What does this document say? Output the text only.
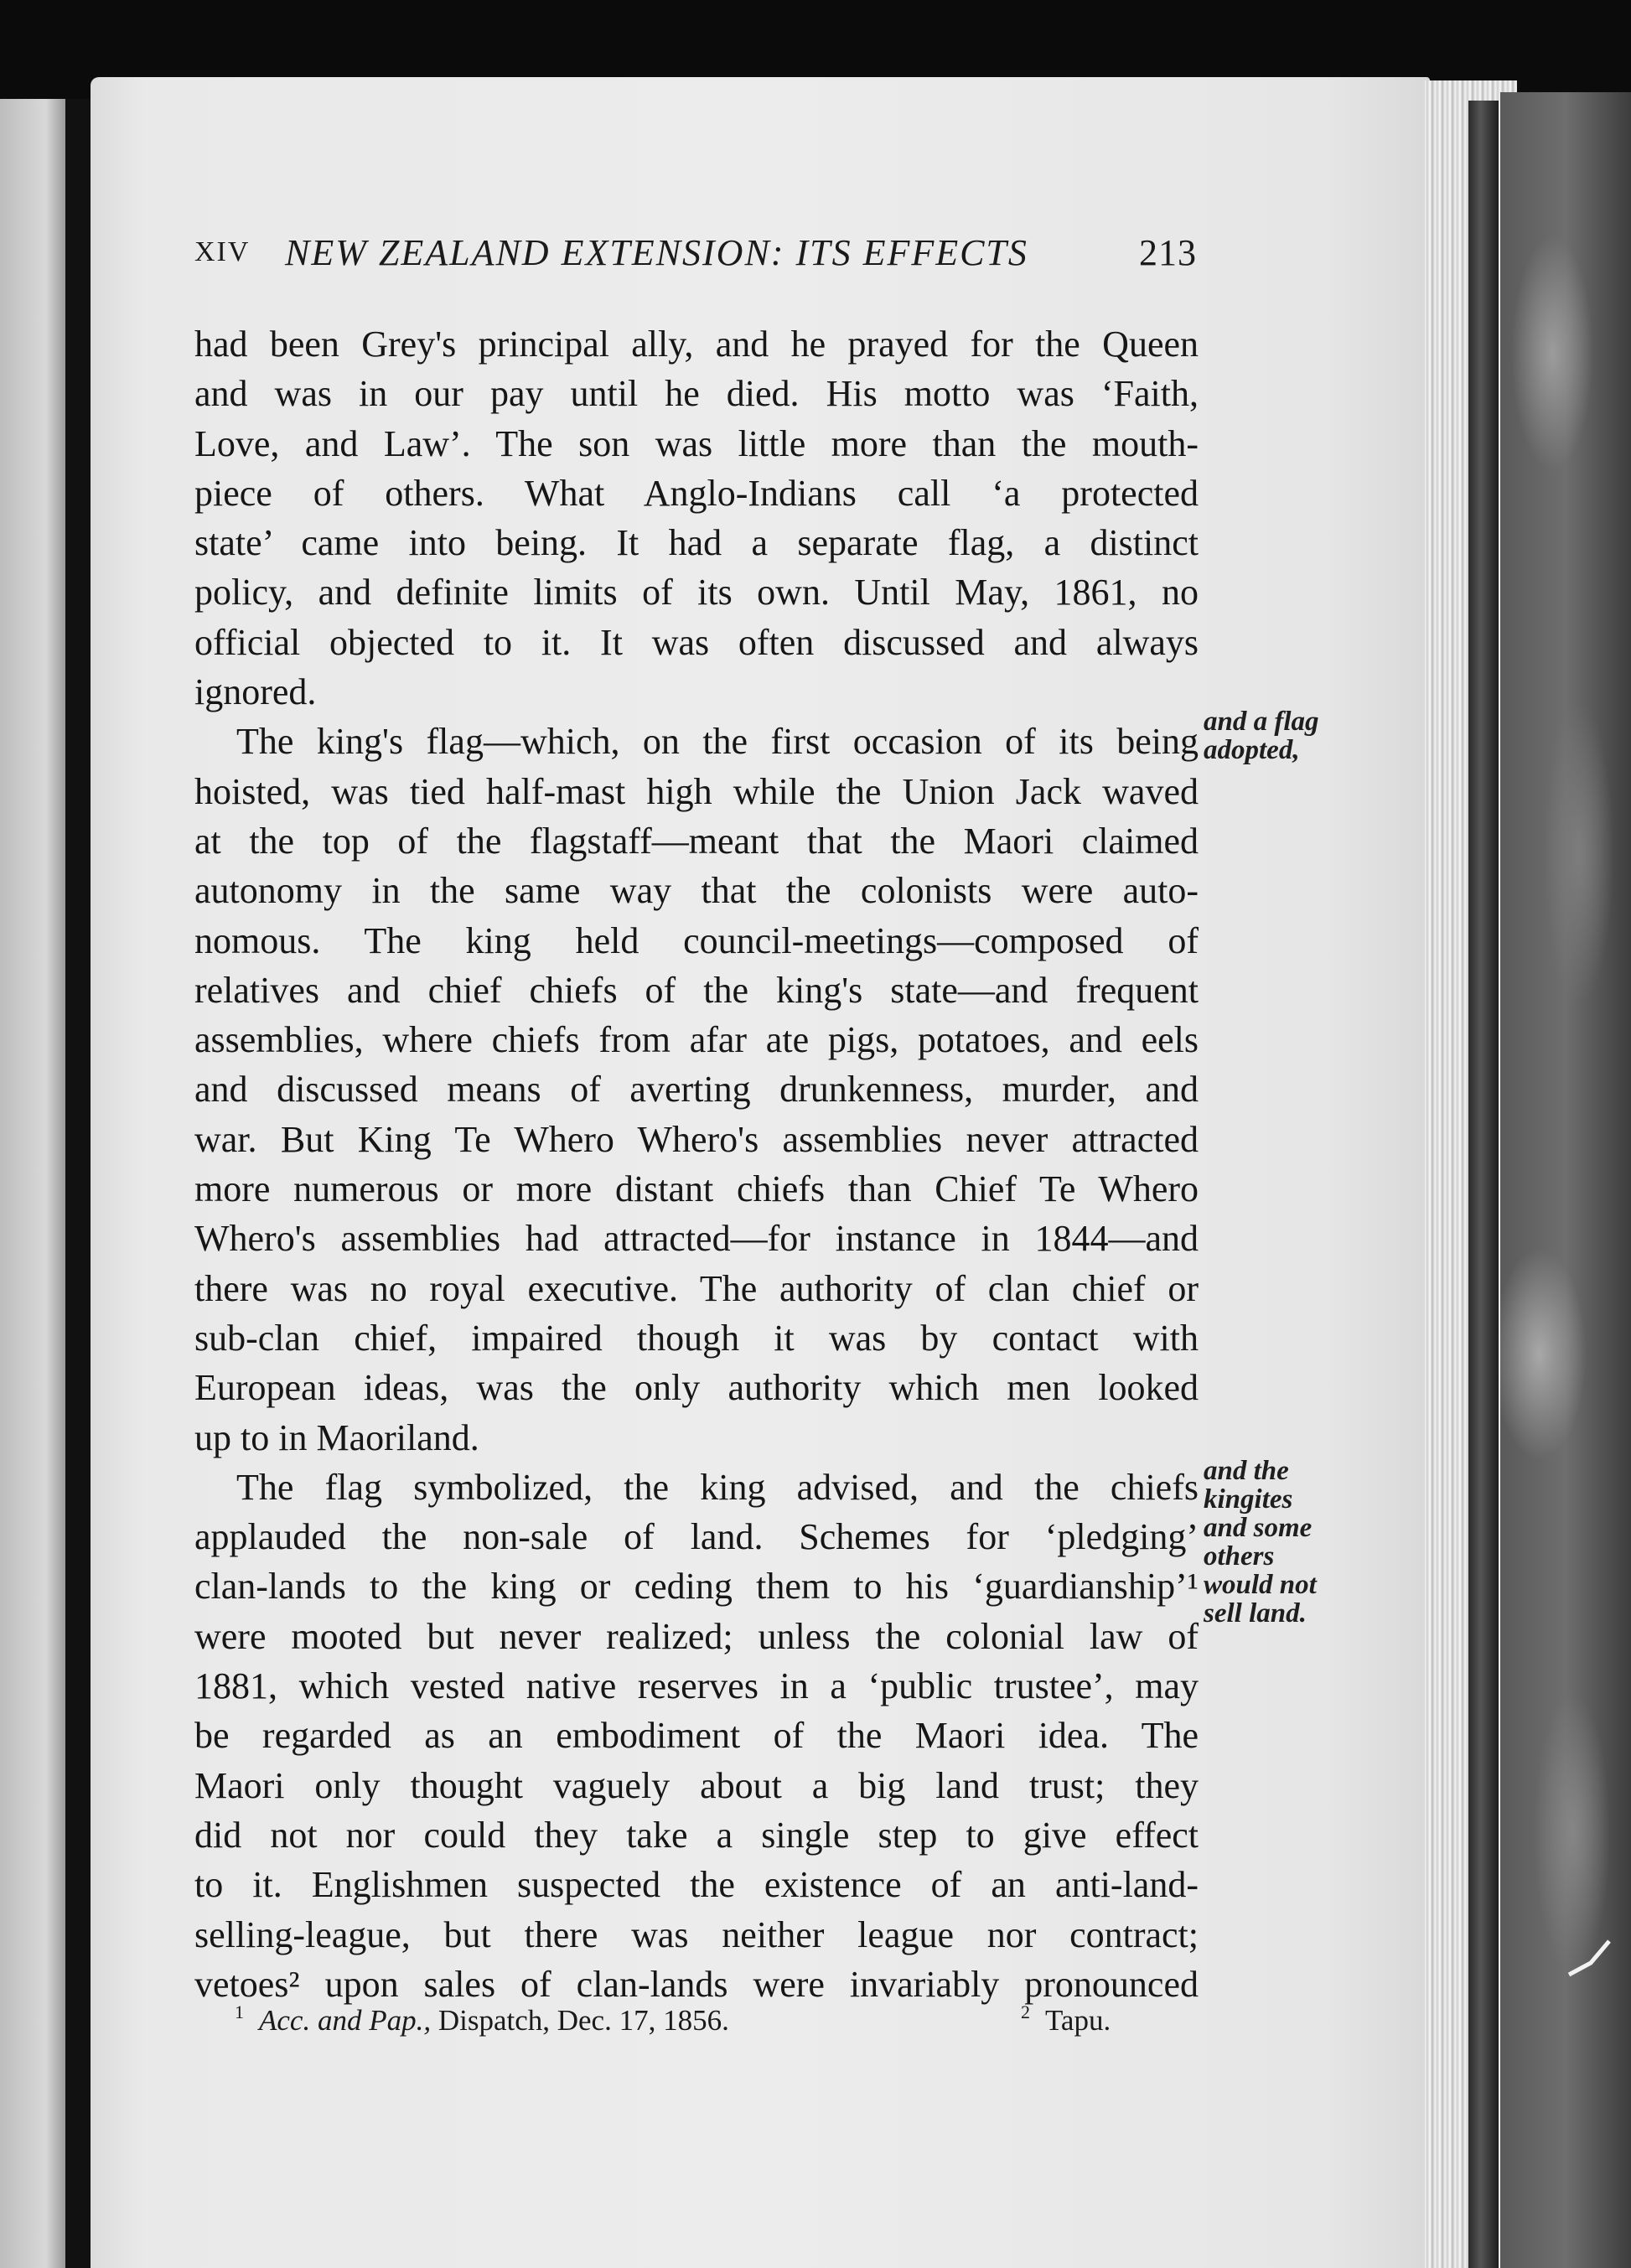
XIV NEW ZEALAND EXTENSION: ITS EFFECTS	213
had been Grey's principal ally, and he prayed for the Queen
and was in our pay until he died. His motto was ‘Faith,
Love, and Law’. The son was little more than the mouth-
piece of others. What Anglo-Indians call ‘a protected
state’ came into being. It had a separate flag, a distinct
policy, and definite limits of its own. Until May, 1861, no
official objected to it. It was often discussed and always
ignored.
The king's flag—which, on the first occasion of its being
hoisted, was tied half-mast high while the Union Jack waved
at the top of the flagstaff—meant that the Maori claimed
autonomy in the same way that the colonists were auto-
nomous. The king held council-meetings—composed of
relatives and chief chiefs of the king's state—and frequent
assemblies, where chiefs from afar ate pigs, potatoes, and eels
and discussed means of averting drunkenness, murder, and
war. But King Te Whero Whero's assemblies never attracted
more numerous or more distant chiefs than Chief Te Whero
Whero's assemblies had attracted—for instance in 1844—and
there was no royal executive. The authority of clan chief or
sub-clan chief, impaired though it was by contact with
European ideas, was the only authority which men looked
up to in Maoriland.
The flag symbolized, the king advised, and the chiefs
applauded the non-sale of land. Schemes for ‘pledging’
clan-lands to the king or ceding them to his ‘guardianship’¹
were mooted but never realized; unless the colonial law of
1881, which vested native reserves in a ‘public trustee’, may
be regarded as an embodiment of the Maori idea. The
Maori only thought vaguely about a big land trust; they
did not nor could they take a single step to give effect
to it. Englishmen suspected the existence of an anti-land-
selling-league, but there was neither league nor contract;
vetoes² upon sales of clan-lands were invariably pronounced
and a flag
adopted,
and the
kingites
and some
others
would not
sell land.
$^1$ Acc. and Pap., Dispatch, Dec. 17, 1856.	$^2$ Tapu.
